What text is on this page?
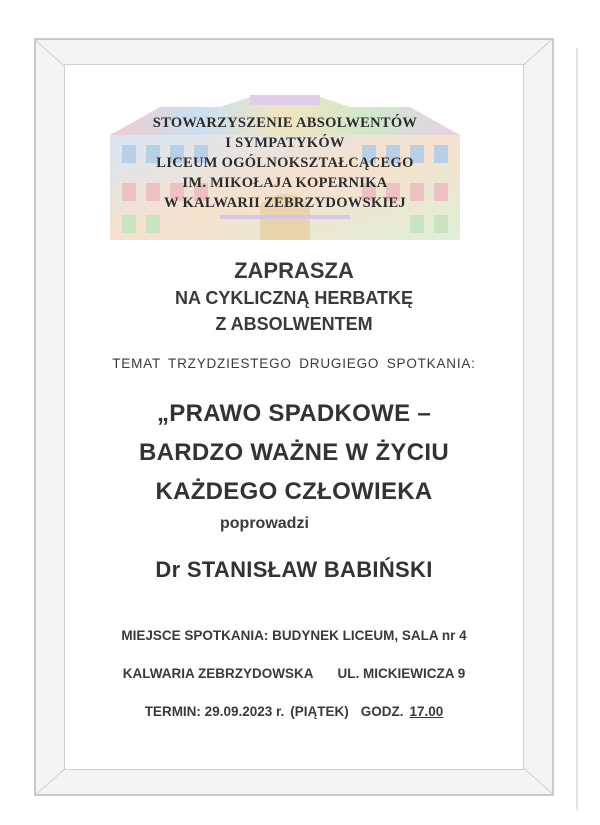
STOWARZYSZENIE ABSOLWENTÓW
I SYMPATYKÓW
LICEUM OGÓLNOKSZTAŁCĄCEGO
IM. MIKOŁAJA KOPERNIKA
W KALWARII ZEBRZYDOWSKIEJ
ZAPRASZA
NA CYKLICZNĄ HERBATKĘ
Z ABSOLWENTEM
TEMAT TRZYDZIESTEGO DRUGIEGO SPOTKANIA:
„PRAWO SPADKOWE –
BARDZO WAŻNE W ŻYCIU
KAŻDEGO CZŁOWIEKA
poprowadzi
Dr STANISŁAW BABIŃSKI
MIEJSCE SPOTKANIA: BUDYNEK LICEUM, SALA nr 4
KALWARIA ZEBRZYDOWSKA UL. MICKIEWICZA 9
TERMIN: 29.09.2023 r. (PIĄTEK) GODZ. 17.00
